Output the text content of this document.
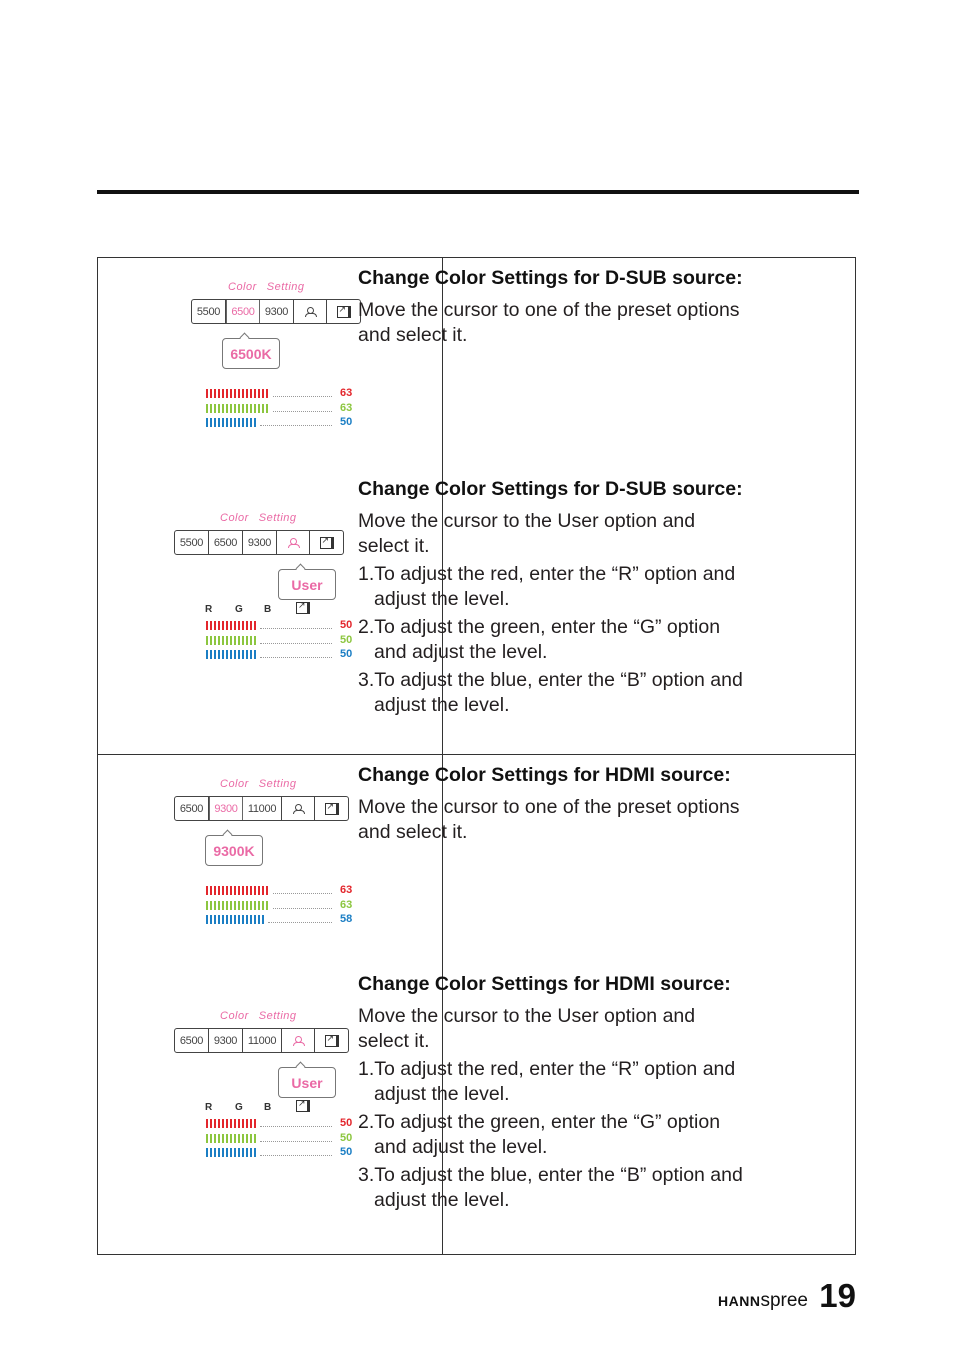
Color Setting
5500	6500 9300
↗
6500K
63
63
50
Color Setting
5500 6500 9300
↗
User
R G B
↗
50
50
50
Color Setting
6500	9300 11000
↗
9300K
63
63
58
Color Setting
6500 9300 11000
↗
User
R G B
↗
50
50
50
Change Color Settings for D-SUB source:

Move the cursor to one of the preset options and select it.

Change Color Settings for D-SUB source:

Move the cursor to the User option and select it.

1.To adjust the red, enter the “R” option and adjust the level.
2.To adjust the green, enter the “G” option and adjust the level.
3.To adjust the blue, enter the “B” option and adjust the level.
Change Color Settings for HDMI source:

Move the cursor to one of the preset options and select it.

Change Color Settings for HDMI source:

Move the cursor to the User option and select it.

1.To adjust the red, enter the “R” option and adjust the level.
2.To adjust the green, enter the “G” option and adjust the level.
3.To adjust the blue, enter the “B” option and adjust the level.
HANNspree 19
